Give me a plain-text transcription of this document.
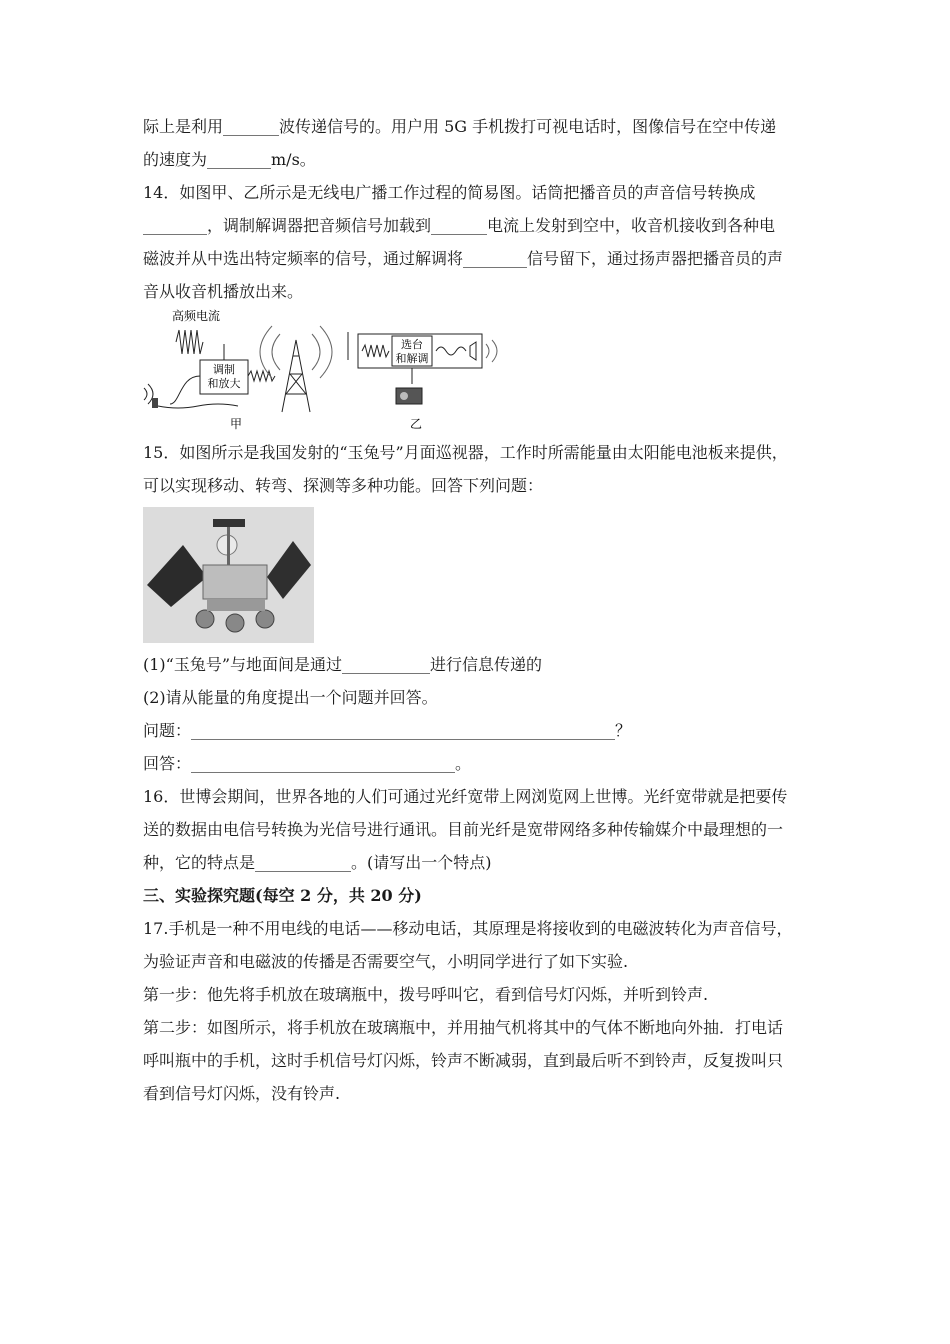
际上是利用_______波传递信号的。用户用 5G 手机拨打可视电话时，图像信号在空中传递
的速度为________m/s。
14．如图甲、乙所示是无线电广播工作过程的简易图。话筒把播音员的声音信号转换成
________，调制解调器把音频信号加载到_______电流上发射到空中，收音机接收到各种电
磁波并从中选出特定频率的信号，通过解调将________信号留下，通过扬声器把播音员的声
音从收音机播放出来。
高频电流
调制
和放大
选台
和解调
甲	乙
15．如图所示是我国发射的“玉兔号”月面巡视器，工作时所需能量由太阳能电池板来提供，
可以实现移动、转弯、探测等多种功能。回答下列问题：
(1)“玉兔号”与地面间是通过___________进行信息传递的
(2)请从能量的角度提出一个问题并回答。
问题：_____________________________________________________？
回答：_________________________________。
16．世博会期间，世界各地的人们可通过光纤宽带上网浏览网上世博。光纤宽带就是把要传
送的数据由电信号转换为光信号进行通讯。目前光纤是宽带网络多种传输媒介中最理想的一
种，它的特点是____________。(请写出一个特点)
三、实验探究题(每空 2 分，共 20 分)
17.手机是一种不用电线的电话——移动电话，其原理是将接收到的电磁波转化为声音信号，
为验证声音和电磁波的传播是否需要空气，小明同学进行了如下实验.
第一步：他先将手机放在玻璃瓶中，拨号呼叫它，看到信号灯闪烁，并听到铃声.
第二步：如图所示，将手机放在玻璃瓶中，并用抽气机将其中的气体不断地向外抽．打电话
呼叫瓶中的手机，这时手机信号灯闪烁，铃声不断减弱，直到最后听不到铃声，反复拨叫只
看到信号灯闪烁，没有铃声.
